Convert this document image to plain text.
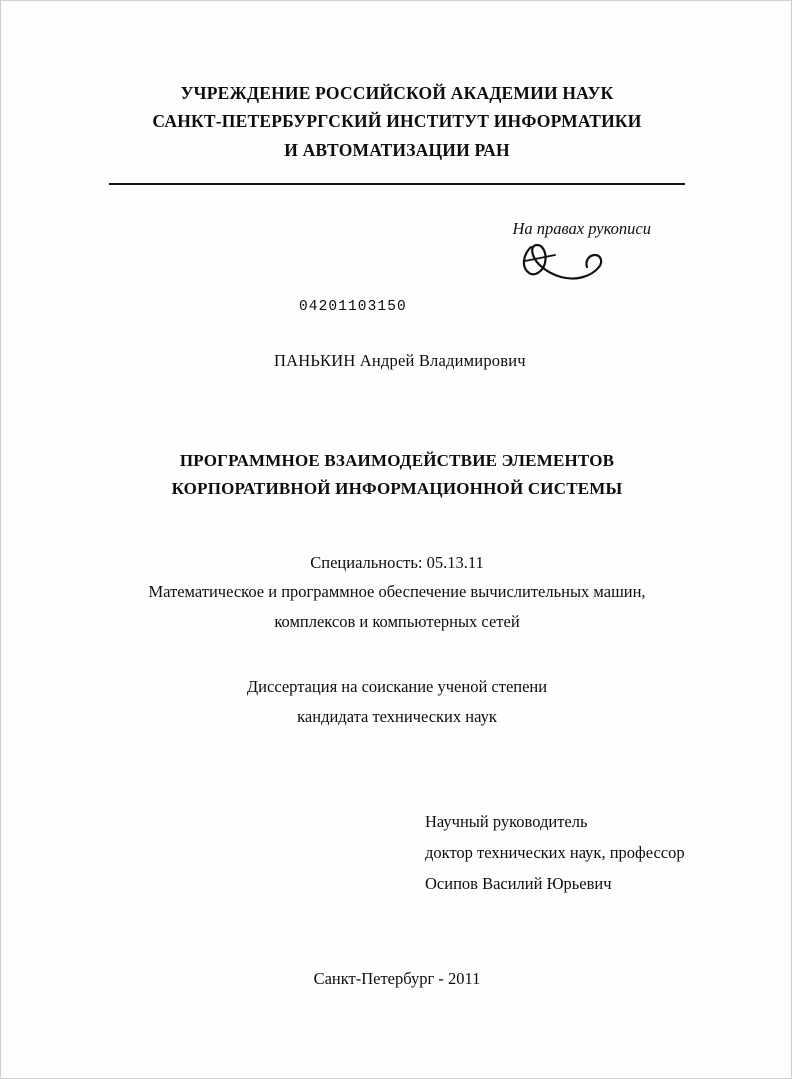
УЧРЕЖДЕНИЕ РОССИЙСКОЙ АКАДЕМИИ НАУК
САНКТ-ПЕТЕРБУРГСКИЙ ИНСТИТУТ ИНФОРМАТИКИ
И АВТОМАТИЗАЦИИ РАН
На правах рукописи
04201103150
ПАНЬКИН Андрей Владимирович
ПРОГРАММНОЕ ВЗАИМОДЕЙСТВИЕ ЭЛЕМЕНТОВ
КОРПОРАТИВНОЙ ИНФОРМАЦИОННОЙ СИСТЕМЫ
Специальность: 05.13.11
Математическое и программное обеспечение вычислительных машин,
комплексов и компьютерных сетей
Диссертация на соискание ученой степени
кандидата технических наук
Научный руководитель
доктор технических наук, профессор
Осипов Василий Юрьевич
Санкт-Петербург - 2011
